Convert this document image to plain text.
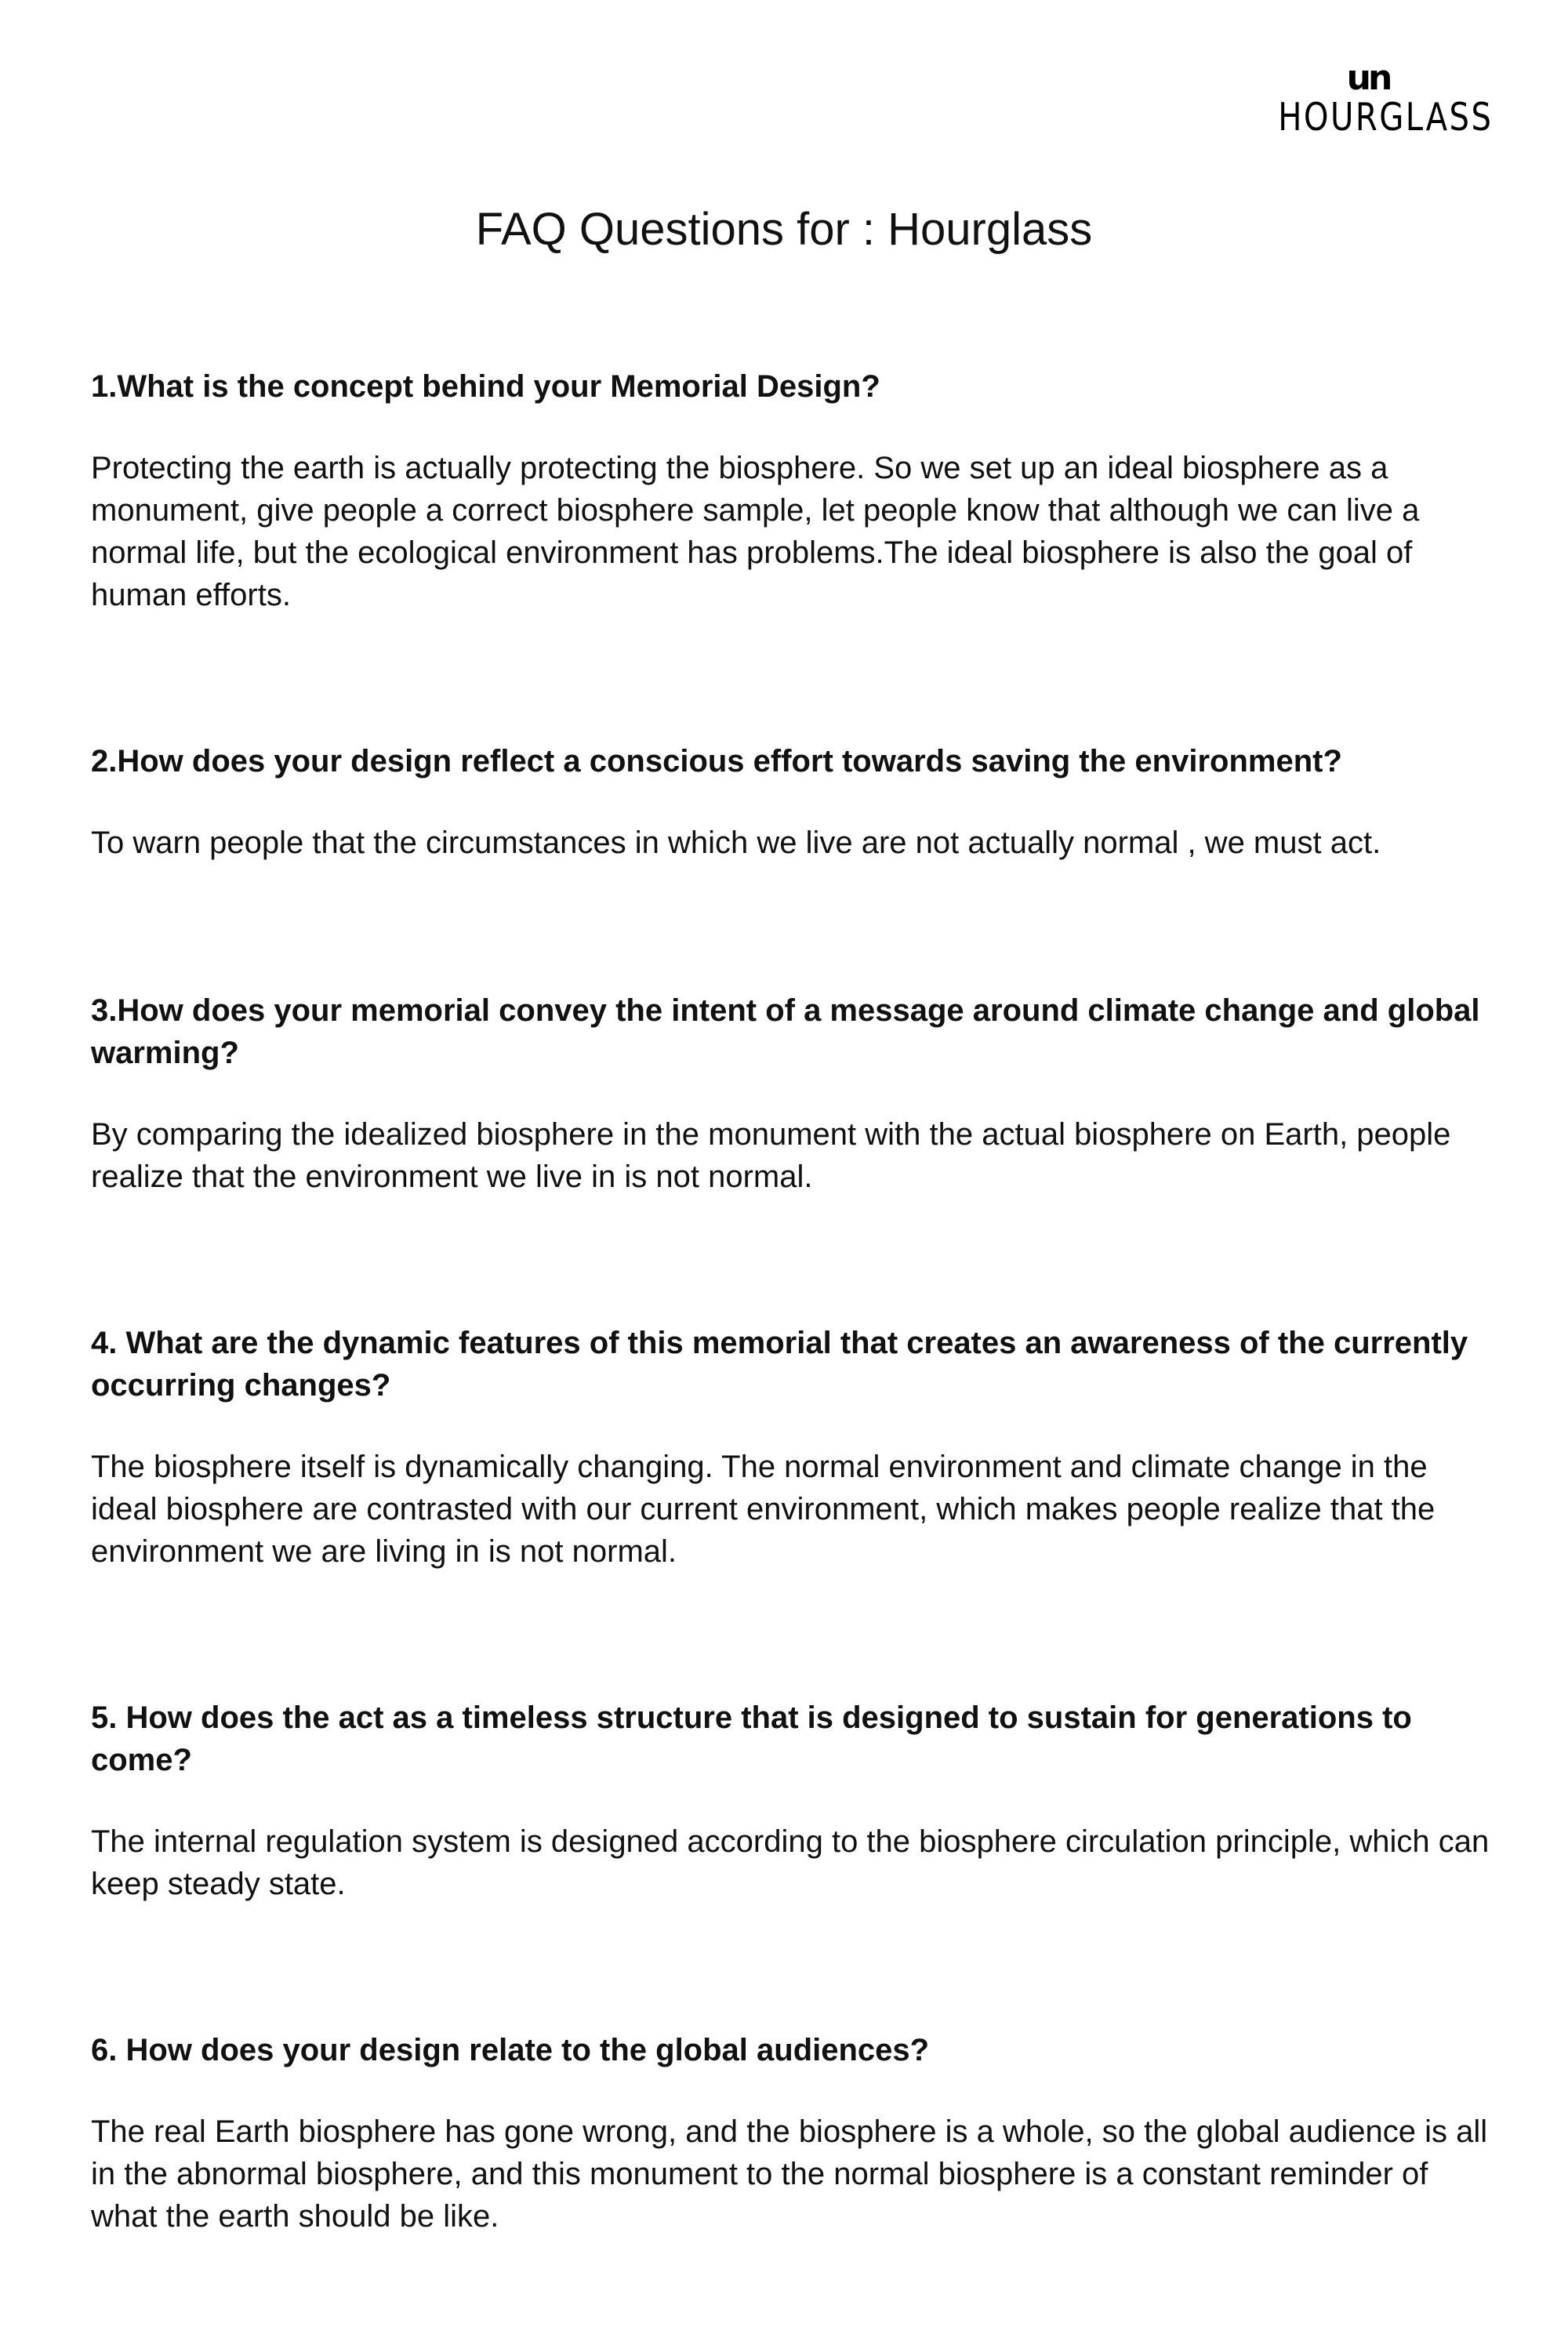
un
HOURGLASS
FAQ Questions for : Hourglass

1.What is the concept behind your Memorial Design?

Protecting the earth is actually protecting the biosphere. So we set up an ideal biosphere as a monument, give people a correct biosphere sample, let people know that although we can live a normal life, but the ecological environment has problems.The ideal biosphere is also the goal of human efforts.

2.How does your design reflect a conscious effort towards saving the environment?

To warn people that the circumstances in which we live are not actually normal , we must act.

3.How does your memorial convey the intent of a message around climate change and global warming?

By comparing the idealized biosphere in the monument with the actual biosphere on Earth, people realize that the environment we live in is not normal.

4. What are the dynamic features of this memorial that creates an awareness of the currently occurring changes?

The biosphere itself is dynamically changing. The normal environment and climate change in the ideal biosphere are contrasted with our current environment, which makes people realize that the environment we are living in is not normal.

5. How does the act as a timeless structure that is designed to sustain for generations to come?

The internal regulation system is designed according to the biosphere circulation principle, which can keep steady state.

6. How does your design relate to the global audiences?

The real Earth biosphere has gone wrong, and the biosphere is a whole, so the global audience is all in the abnormal biosphere, and this monument to the normal biosphere is a constant reminder of what the earth should be like.
